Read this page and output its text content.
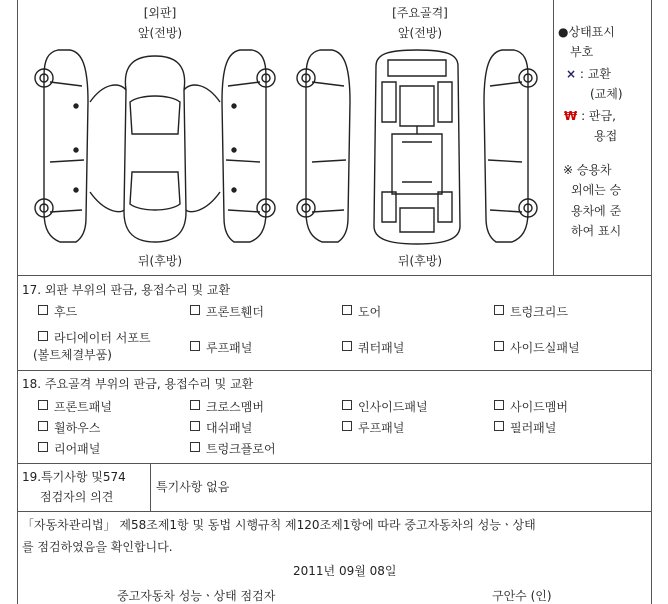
[외판]
앞(전방)
뒤(후방)
[주요골격]
앞(전방)
뒤(후방)
●상태표시
부호
× : 교환
(교체)
₩ : 판금,
용접
※ 승용차
외에는 승
용차에 준
하여 표시
17. 외판 부위의 판금, 용접수리 및 교환
후드	프론트휀더	도어	트렁크리드
라디에이터 서포트
(볼트체결부품)	루프패널	쿼터패널	사이드실패널
18. 주요골격 부위의 판금, 용접수리 및 교환
프론트패널	크로스멤버	인사이드패널	사이드멤버
휠하우스	대쉬패널	루프패널	필러패널
리어패널	트렁크플로어
19.특기사항 및574
점검자의 의견
특기사항 없음
「자동차관리법」 제58조제1항 및 동법 시행규칙 제120조제1항에 따라 중고자동차의 성능ㆍ상태
를 점검하였음을 확인합니다.
2011년 09월 08일
중고자동차 성능ㆍ상태 점검자	구안수 (인)
